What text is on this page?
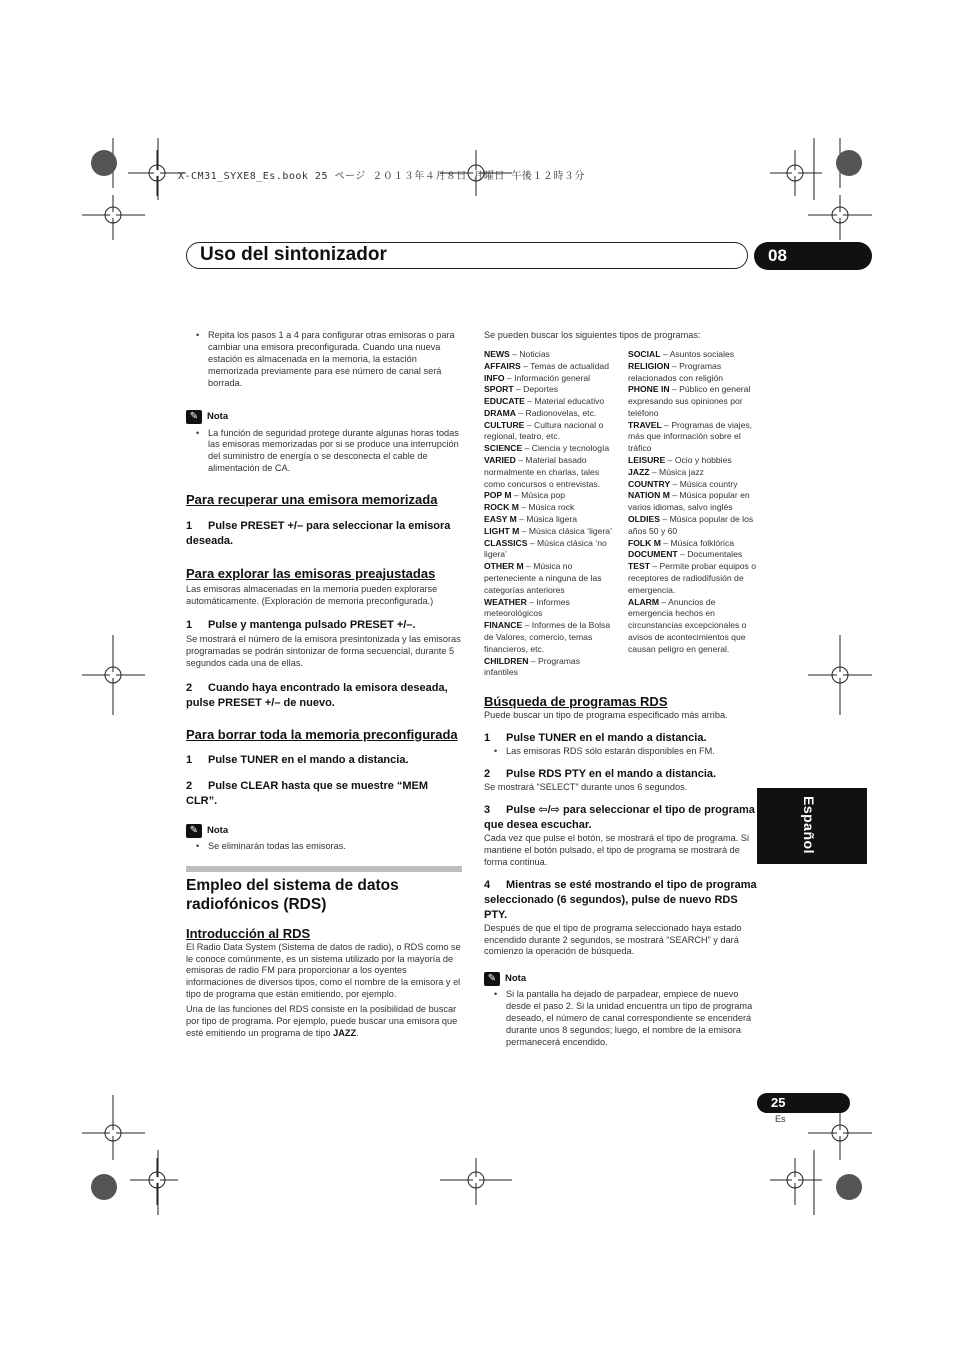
X-CM31_SYXE8_Es.book 25 ページ ２０１３年４月８日 月曜日 午後１２時３分
Uso del sintonizador	08
Español
25
Es

• Repita los pasos 1 a 4 para configurar otras emisoras o para cambiar una emisora preconfigurada. Cuando una nueva estación es almacenada en la memoria, la estación memorizada previamente para ese número de canal será borrada.

✎ Nota

• La función de seguridad protege durante algunas horas todas las emisoras memorizadas por si se produce una interrupción del suministro de energía o se desconecta el cable de alimentación de CA.

Para recuperar una emisora memorizada
1 Pulse PRESET +/– para seleccionar la emisora deseada.
Para explorar las emisoras preajustadas

Las emisoras almacenadas en la memoria pueden explorarse automáticamente. (Exploración de memoria preconfigurada.)

1 Pulse y mantenga pulsado PRESET +/–.

Se mostrará el número de la emisora presintonizada y las emisoras programadas se podrán sintonizar de forma secuencial, durante 5 segundos cada una de ellas.

2 Cuando haya encontrado la emisora deseada, pulse PRESET +/– de nuevo.
Para borrar toda la memoria preconfigurada
1 Pulse TUNER en el mando a distancia.
2 Pulse CLEAR hasta que se muestre “MEM CLR”.
✎ Nota

• Se eliminarán todas las emisoras.

Empleo del sistema de datos radiofónicos (RDS)
Introducción al RDS

El Radio Data System (Sistema de datos de radio), o RDS como se le conoce comúnmente, es un sistema utilizado por la mayoría de emisoras de radio FM para proporcionar a los oyentes informaciones de diversos tipos, como el nombre de la emisora y el tipo de programa que están emitiendo, por ejemplo.

Una de las funciones del RDS consiste en la posibilidad de buscar por tipo de programa. Por ejemplo, puede buscar una emisora que esté emitiendo un programa de tipo JAZZ.

Se pueden buscar los siguientes tipos de programas:

NEWS – Noticias
AFFAIRS – Temas de actualidad
INFO – Información general
SPORT – Deportes
EDUCATE – Material educativo
DRAMA – Radionovelas, etc.
CULTURE – Cultura nacional o regional, teatro, etc.
SCIENCE – Ciencia y tecnología
VARIED – Material basado normalmente en charlas, tales como concursos o entrevistas.
POP M – Música pop
ROCK M – Música rock
EASY M – Música ligera
LIGHT M – Música clásica ‘ligera’
CLASSICS – Música clásica ‘no ligera’
OTHER M – Música no perteneciente a ninguna de las categorías anteriores
WEATHER – Informes meteorológicos
FINANCE – Informes de la Bolsa de Valores, comercio, temas financieros, etc.
CHILDREN – Programas infantiles
SOCIAL – Asuntos sociales
RELIGION – Programas relacionados con religión
PHONE IN – Público en general expresando sus opiniones por teléfono
TRAVEL – Programas de viajes, más que información sobre el tráfico
LEISURE – Ocio y hobbies
JAZZ – Música jazz
COUNTRY – Música country
NATION M – Música popular en varios idiomas, salvo inglés
OLDIES – Música popular de los años 50 y 60
FOLK M – Música folklórica
DOCUMENT – Documentales
TEST – Permite probar equipos o receptores de radiodifusión de emergencia.
ALARM – Anuncios de emergencia hechos en circunstancias excepcionales o avisos de acontecimientos que causan peligro en general.
Búsqueda de programas RDS

Puede buscar un tipo de programa especificado más arriba.

1 Pulse TUNER en el mando a distancia.

• Las emisoras RDS sólo estarán disponibles en FM.

2 Pulse RDS PTY en el mando a distancia.

Se mostrará “SELECT” durante unos 6 segundos.

3 Pulse ⇦/⇨ para seleccionar el tipo de programa que desea escuchar.

Cada vez que pulse el botón, se mostrará el tipo de programa. Si mantiene el botón pulsado, el tipo de programa se mostrará de forma continua.

4 Mientras se esté mostrando el tipo de programa seleccionado (6 segundos), pulse de nuevo RDS PTY.

Después de que el tipo de programa seleccionado haya estado encendido durante 2 segundos, se mostrará “SEARCH” y dará comienzo la operación de búsqueda.

✎ Nota

• Si la pantalla ha dejado de parpadear, empiece de nuevo desde el paso 2. Si la unidad encuentra un tipo de programa deseado, el número de canal correspondiente se encenderá durante unos 8 segundos; luego, el nombre de la emisora permanecerá encendido.
